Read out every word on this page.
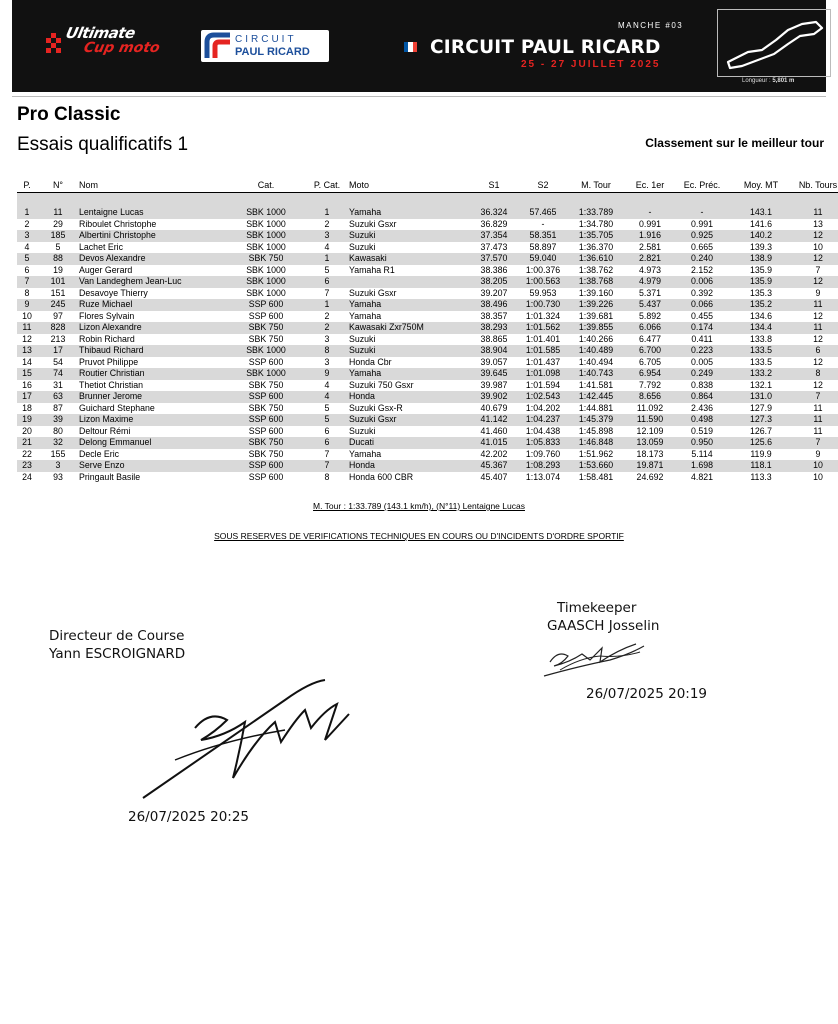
Ultimate
Cup moto
CIRCUIT
PAUL RICARD
MANCHE #03
CIRCUIT PAUL RICARD
25 - 27 JUILLET 2025
Longueur : 5,801 m
Pro Classic
Essais qualificatifs 1	Classement sur le meilleur tour
P.	N°	Nom	Cat.	P. Cat.	Moto	S1	S2	M. Tour	Ec. 1er	Ec. Préc.	Moy. MT	Nb. Tours

1	11	Lentaigne Lucas	SBK 1000	1	Yamaha	36.324	57.465	1:33.789	-	-	143.1	11
2	29	Riboulet Christophe	SBK 1000	2	Suzuki Gsxr	36.829	-	1:34.780	0.991	0.991	141.6	13
3	185	Albertini Christophe	SBK 1000	3	Suzuki	37.354	58.351	1:35.705	1.916	0.925	140.2	12
4	5	Lachet Eric	SBK 1000	4	Suzuki	37.473	58.897	1:36.370	2.581	0.665	139.3	10
5	88	Devos Alexandre	SBK 750	1	Kawasaki	37.570	59.040	1:36.610	2.821	0.240	138.9	12
6	19	Auger Gerard	SBK 1000	5	Yamaha R1	38.386	1:00.376	1:38.762	4.973	2.152	135.9	7
7	101	Van Landeghem Jean-Luc	SBK 1000	6		38.205	1:00.563	1:38.768	4.979	0.006	135.9	12
8	151	Desavoye Thierry	SBK 1000	7	Suzuki Gsxr	39.207	59.953	1:39.160	5.371	0.392	135.3	9
9	245	Ruze Michael	SSP 600	1	Yamaha	38.496	1:00.730	1:39.226	5.437	0.066	135.2	11
10	97	Flores Sylvain	SSP 600	2	Yamaha	38.357	1:01.324	1:39.681	5.892	0.455	134.6	12
11	828	Lizon Alexandre	SBK 750	2	Kawasaki Zxr750M	38.293	1:01.562	1:39.855	6.066	0.174	134.4	11
12	213	Robin Richard	SBK 750	3	Suzuki	38.865	1:01.401	1:40.266	6.477	0.411	133.8	12
13	17	Thibaud Richard	SBK 1000	8	Suzuki	38.904	1:01.585	1:40.489	6.700	0.223	133.5	6
14	54	Pruvot Philippe	SSP 600	3	Honda Cbr	39.057	1:01.437	1:40.494	6.705	0.005	133.5	12
15	74	Routier Christian	SBK 1000	9	Yamaha	39.645	1:01.098	1:40.743	6.954	0.249	133.2	8
16	31	Thetiot Christian	SBK 750	4	Suzuki 750 Gsxr	39.987	1:01.594	1:41.581	7.792	0.838	132.1	12
17	63	Brunner Jerome	SSP 600	4	Honda	39.902	1:02.543	1:42.445	8.656	0.864	131.0	7
18	87	Guichard Stephane	SBK 750	5	Suzuki Gsx-R	40.679	1:04.202	1:44.881	11.092	2.436	127.9	11
19	39	Lizon Maxime	SSP 600	5	Suzuki Gsxr	41.142	1:04.237	1:45.379	11.590	0.498	127.3	11
20	80	Deltour Rémi	SSP 600	6	Suzuki	41.460	1:04.438	1:45.898	12.109	0.519	126.7	11
21	32	Delong Emmanuel	SBK 750	6	Ducati	41.015	1:05.833	1:46.848	13.059	0.950	125.6	7
22	155	Decle Eric	SBK 750	7	Yamaha	42.202	1:09.760	1:51.962	18.173	5.114	119.9	9
23	3	Serve Enzo	SSP 600	7	Honda	45.367	1:08.293	1:53.660	19.871	1.698	118.1	10
24	93	Pringault Basile	SSP 600	8	Honda 600 CBR	45.407	1:13.074	1:58.481	24.692	4.821	113.3	10
M. Tour : 1:33.789 (143.1 km/h), (N°11) Lentaigne Lucas
SOUS RESERVES DE VERIFICATIONS TECHNIQUES EN COURS OU D'INCIDENTS D'ORDRE SPORTIF
Timekeeper
GAASCH Josselin
26/07/2025 20:19
Directeur de Course
Yann ESCROIGNARD
26/07/2025 20:25
